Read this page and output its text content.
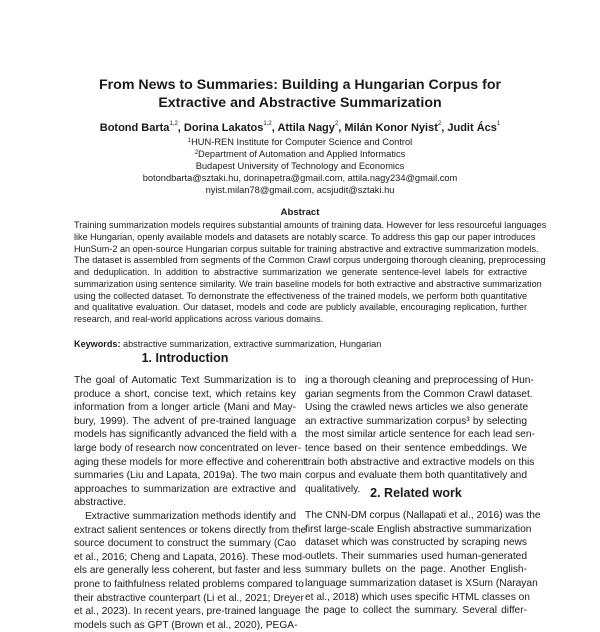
From News to Summaries: Building a Hungarian Corpus for
Extractive and Abstractive Summarization
Botond Barta$^{1,2}$, Dorina Lakatos$^{1,2}$, Attila Nagy$^2$, Milán Konor Nyist$^2$, Judit Ács$^1$
$^1$HUN-REN Institute for Computer Science and Control
$^2$Department of Automation and Applied Informatics
Budapest University of Technology and Economics
botondbarta@sztaki.hu, dorinapetra@gmail.com, attila.nagy234@gmail.com
nyist.milan78@gmail.com, acsjudit@sztaki.hu
Abstract
Training summarization models requires substantial amounts of training data. However for less resourceful languages
like Hungarian, openly available models and datasets are notably scarce. To address this gap our paper introduces
HunSum-2 an open-source Hungarian corpus suitable for training abstractive and extractive summarization models.
The dataset is assembled from segments of the Common Crawl corpus undergoing thorough cleaning, preprocessing
and deduplication. In addition to abstractive summarization we generate sentence-level labels for extractive
summarization using sentence similarity. We train baseline models for both extractive and abstractive summarization
using the collected dataset. To demonstrate the effectiveness of the trained models, we perform both quantitative
and qualitative evaluation. Our dataset, models and code are publicly available, encouraging replication, further
research, and real-world applications across various domains.
Keywords: abstractive summarization, extractive summarization, Hungarian
1. Introduction
The goal of Automatic Text Summarization is to
produce a short, concise text, which retains key
information from a longer article (Mani and May-
bury, 1999). The advent of pre-trained language
models has significantly advanced the field with a
large body of research now concentrated on lever-
aging these models for more effective and coherent
summaries (Liu and Lapata, 2019a). The two main
approaches to summarization are extractive and
abstractive.
Extractive summarization methods identify and
extract salient sentences or tokens directly from the
source document to construct the summary (Cao
et al., 2016; Cheng and Lapata, 2016). These mod-
els are generally less coherent, but faster and less
prone to faithfulness related problems compared to
their abstractive counterpart (Li et al., 2021; Dreyer
et al., 2023). In recent years, pre-trained language
models such as GPT (Brown et al., 2020), PEGA-
ing a thorough cleaning and preprocessing of Hun-
garian segments from the Common Crawl dataset.
Using the crawled news articles we also generate
an extractive summarization corpus³ by selecting
the most similar article sentence for each lead sen-
tence based on their sentence embeddings. We
train both abstractive and extractive models on this
corpus and evaluate them both quantitatively and
qualitatively. 2. Related work
The CNN-DM corpus (Nallapati et al., 2016) was the
first large-scale English abstractive summarization
dataset which was constructed by scraping news
outlets. Their summaries used human-generated
summary bullets on the page. Another English-
language summarization dataset is XSum (Narayan
et al., 2018) which uses specific HTML classes on
the page to collect the summary. Several differ-
